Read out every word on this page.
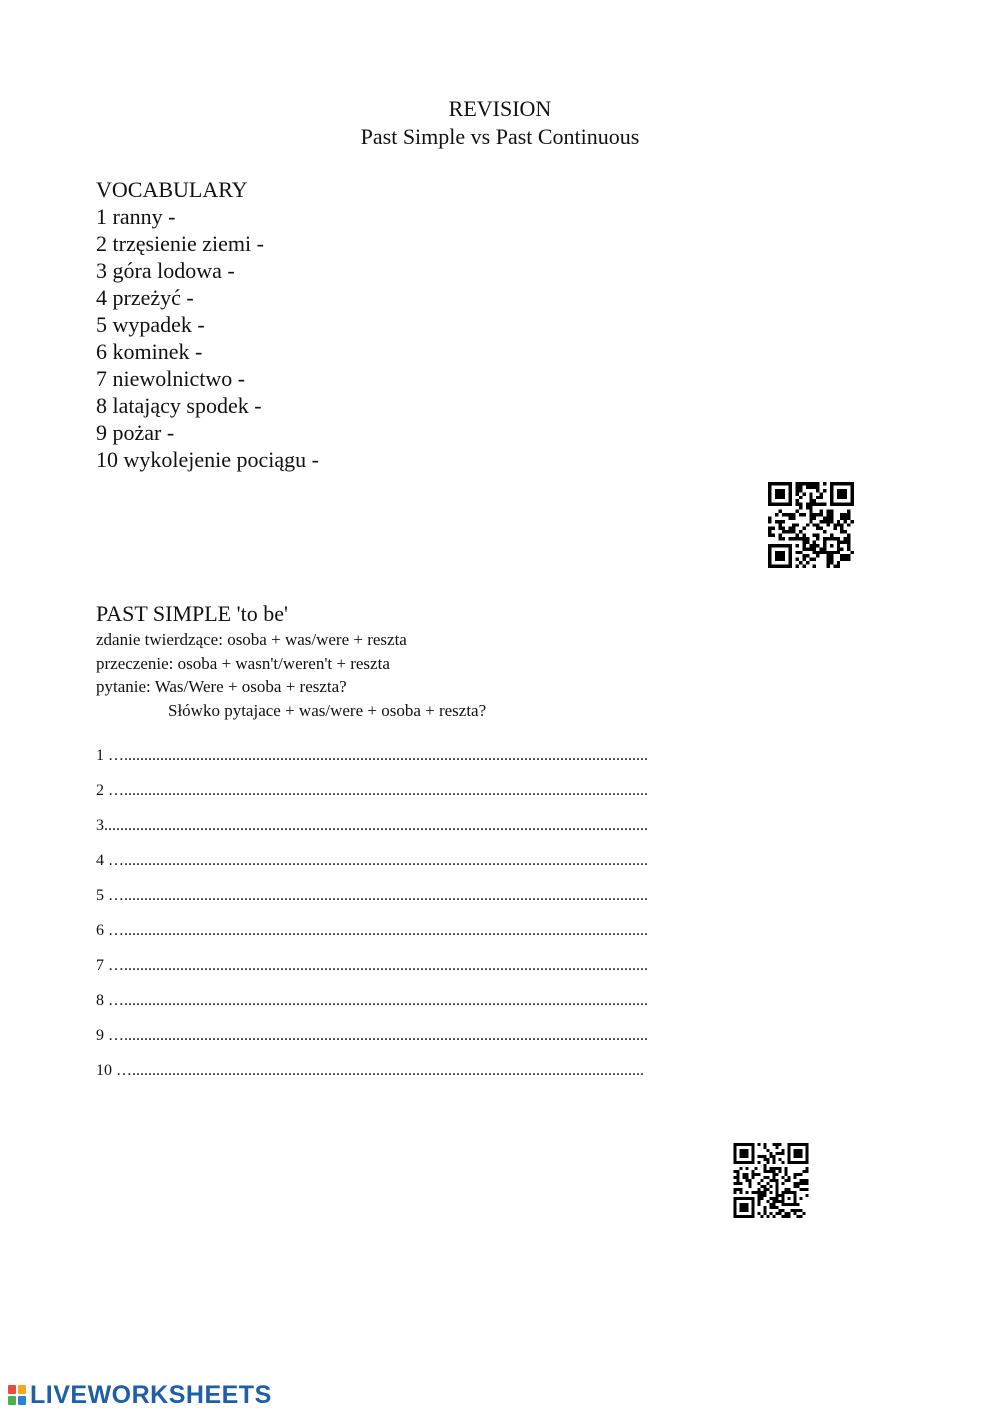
REVISION
Past Simple vs Past Continuous

VOCABULARY

1 ranny -
2 trzęsienie ziemi -
3 góra lodowa -
4 przeżyć -
5 wypadek -
6 kominek -
7 niewolnictwo -
8 latający spodek -
9 pożar -
10 wykolejenie pociągu -

PAST SIMPLE 'to be'

zdanie twierdzące: osoba + was/were + reszta

przeczenie: osoba + wasn't/weren't + reszta

pytanie: Was/Were + osoba + reszta?

Słówko pytajace + was/were + osoba + reszta?

1 …...................................................................................................................................
2 …...................................................................................................................................
3........................................................................................................................................
4 …...................................................................................................................................
5 …...................................................................................................................................
6 …...................................................................................................................................
7 …...................................................................................................................................
8 …...................................................................................................................................
9 …...................................................................................................................................
10 …................................................................................................................................
LIVEWORKSHEETS
